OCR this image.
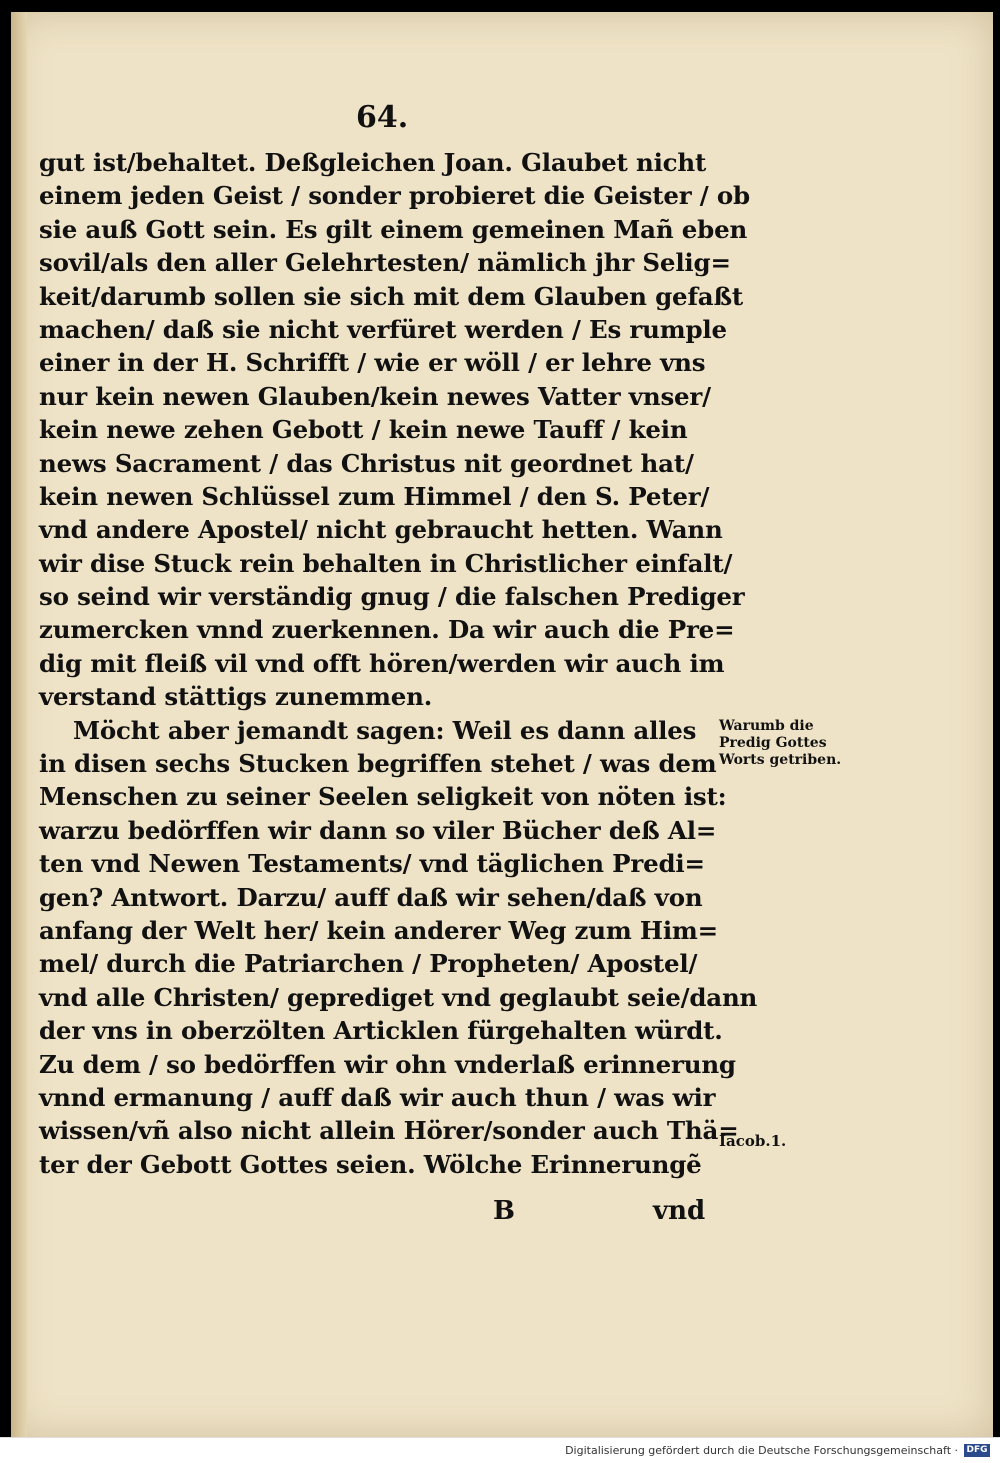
64.
gut ist/behaltet. Deßgleichen Joan. Glaubet nicht
einem jeden Geist / sonder probieret die Geister / ob
sie auß Gott sein. Es gilt einem gemeinen Mañ eben
sovil/als den aller Gelehrtesten/ nämlich jhr Selig=
keit/darumb sollen sie sich mit dem Glauben gefaßt
machen/ daß sie nicht verfüret werden / Es rumple
einer in der H. Schrifft / wie er wöll / er lehre vns
nur kein newen Glauben/kein newes Vatter vnser/
kein newe zehen Gebott / kein newe Tauff / kein
news Sacrament / das Christus nit geordnet hat/
kein newen Schlüssel zum Himmel / den S. Peter/
vnd andere Apostel/ nicht gebraucht hetten. Wann
wir dise Stuck rein behalten in Christlicher einfalt/
so seind wir verständig gnug / die falschen Prediger
zumercken vnnd zuerkennen. Da wir auch die Pre=
dig mit fleiß vil vnd offt hören/werden wir auch im
verstand stättigs zunemmen.
Möcht aber jemandt sagen: Weil es dann alles
in disen sechs Stucken begriffen stehet / was dem
Menschen zu seiner Seelen seligkeit von nöten ist:
warzu bedörffen wir dann so viler Bücher deß Al=
ten vnd Newen Testaments/ vnd täglichen Predi=
gen? Antwort. Darzu/ auff daß wir sehen/daß von
anfang der Welt her/ kein anderer Weg zum Him=
mel/ durch die Patriarchen / Propheten/ Apostel/
vnd alle Christen/ geprediget vnd geglaubt seie/dann
der vns in oberzölten Articklen fürgehalten würdt.
Zu dem / so bedörffen wir ohn vnderlaß erinnerung
vnnd ermanung / auff daß wir auch thun / was wir
wissen/vñ also nicht allein Hörer/sonder auch Thä=
ter der Gebott Gottes seien. Wölche Erinnerungẽ
Warumb die
Predig Gottes
Worts getriben.
Iacob.1.
B	vnd
Digitalisierung gefördert durch die Deutsche Forschungsgemeinschaft · DFG
